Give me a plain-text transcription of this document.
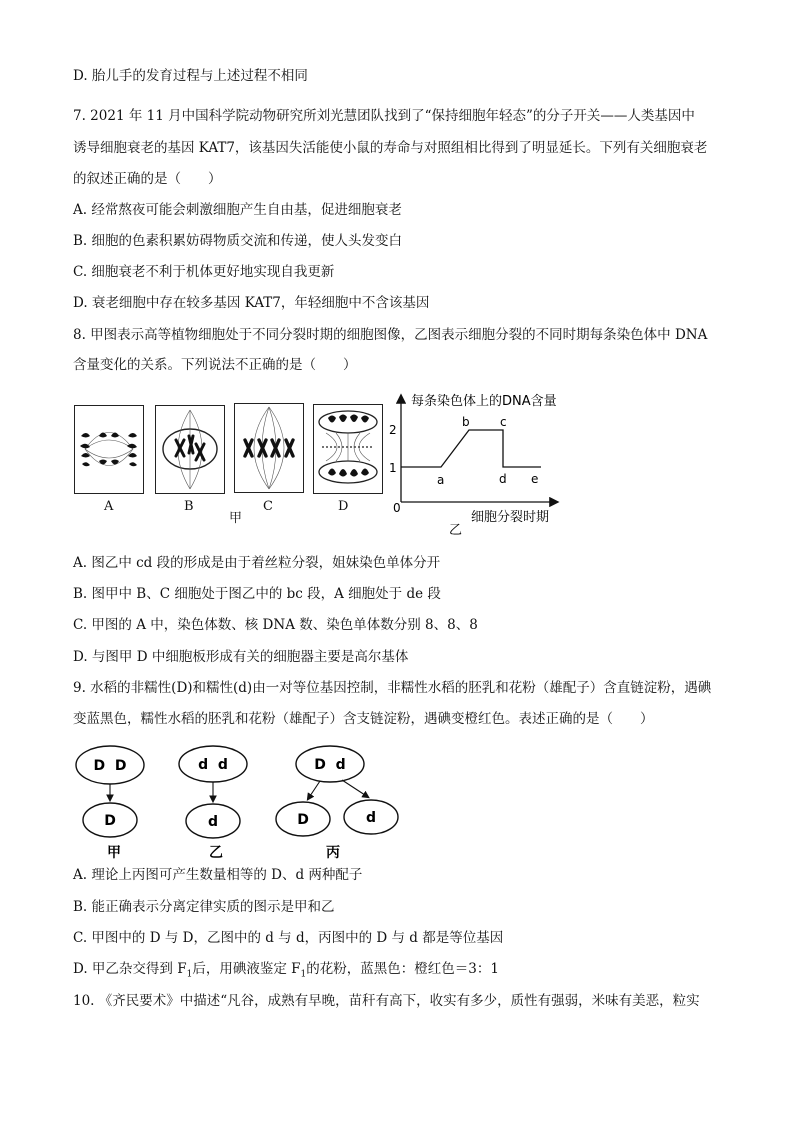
D. 胎儿手的发育过程与上述过程不相同
7. 2021 年 11 月中国科学院动物研究所刘光慧团队找到了“保持细胞年轻态”的分子开关——人类基因中
诱导细胞衰老的基因 KAT7，该基因失活能使小鼠的寿命与对照组相比得到了明显延长。下列有关细胞衰老
的叙述正确的是（　　）
A. 经常熬夜可能会刺激细胞产生自由基，促进细胞衰老
B. 细胞的色素积累妨碍物质交流和传递，使人头发变白
C. 细胞衰老不利于机体更好地实现自我更新
D. 衰老细胞中存在较多基因 KAT7，年轻细胞中不含该基因
8. 甲图表示高等植物细胞处于不同分裂时期的细胞图像，乙图表示细胞分裂的不同时期每条染色体中 DNA
含量变化的关系。下列说法不正确的是（　　）
A	B	C	D
甲
每条染色体上的DNA含量
2
1
0
a
b	c
d e
细胞分裂时期
乙
A. 图乙中 cd 段的形成是由于着丝粒分裂，姐妹染色单体分开
B. 图甲中 B、C 细胞处于图乙中的 bc 段，A 细胞处于 de 段
C. 甲图的 A 中，染色体数、核 DNA 数、染色单体数分别 8、8、8
D. 与图甲 D 中细胞板形成有关的细胞器主要是高尔基体
9. 水稻的非糯性(D)和糯性(d)由一对等位基因控制，非糯性水稻的胚乳和花粉（雄配子）含直链淀粉，遇碘
变蓝黑色，糯性水稻的胚乳和花粉（雄配子）含支链淀粉，遇碘变橙红色。表述正确的是（　　）
D  D
D
d  d
d
D  d
D	d
甲	乙	丙
A. 理论上丙图可产生数量相等的 D、d 两种配子
B. 能正确表示分离定律实质的图示是甲和乙
C. 甲图中的 D 与 D，乙图中的 d 与 d，丙图中的 D 与 d 都是等位基因
D. 甲乙杂交得到 $F_1$后，用碘液鉴定 $F_1$的花粉，蓝黑色：橙红色＝3：1
10. 《齐民要术》中描述“凡谷，成熟有早晚，苗秆有高下，收实有多少，质性有强弱，米味有美恶，粒实
